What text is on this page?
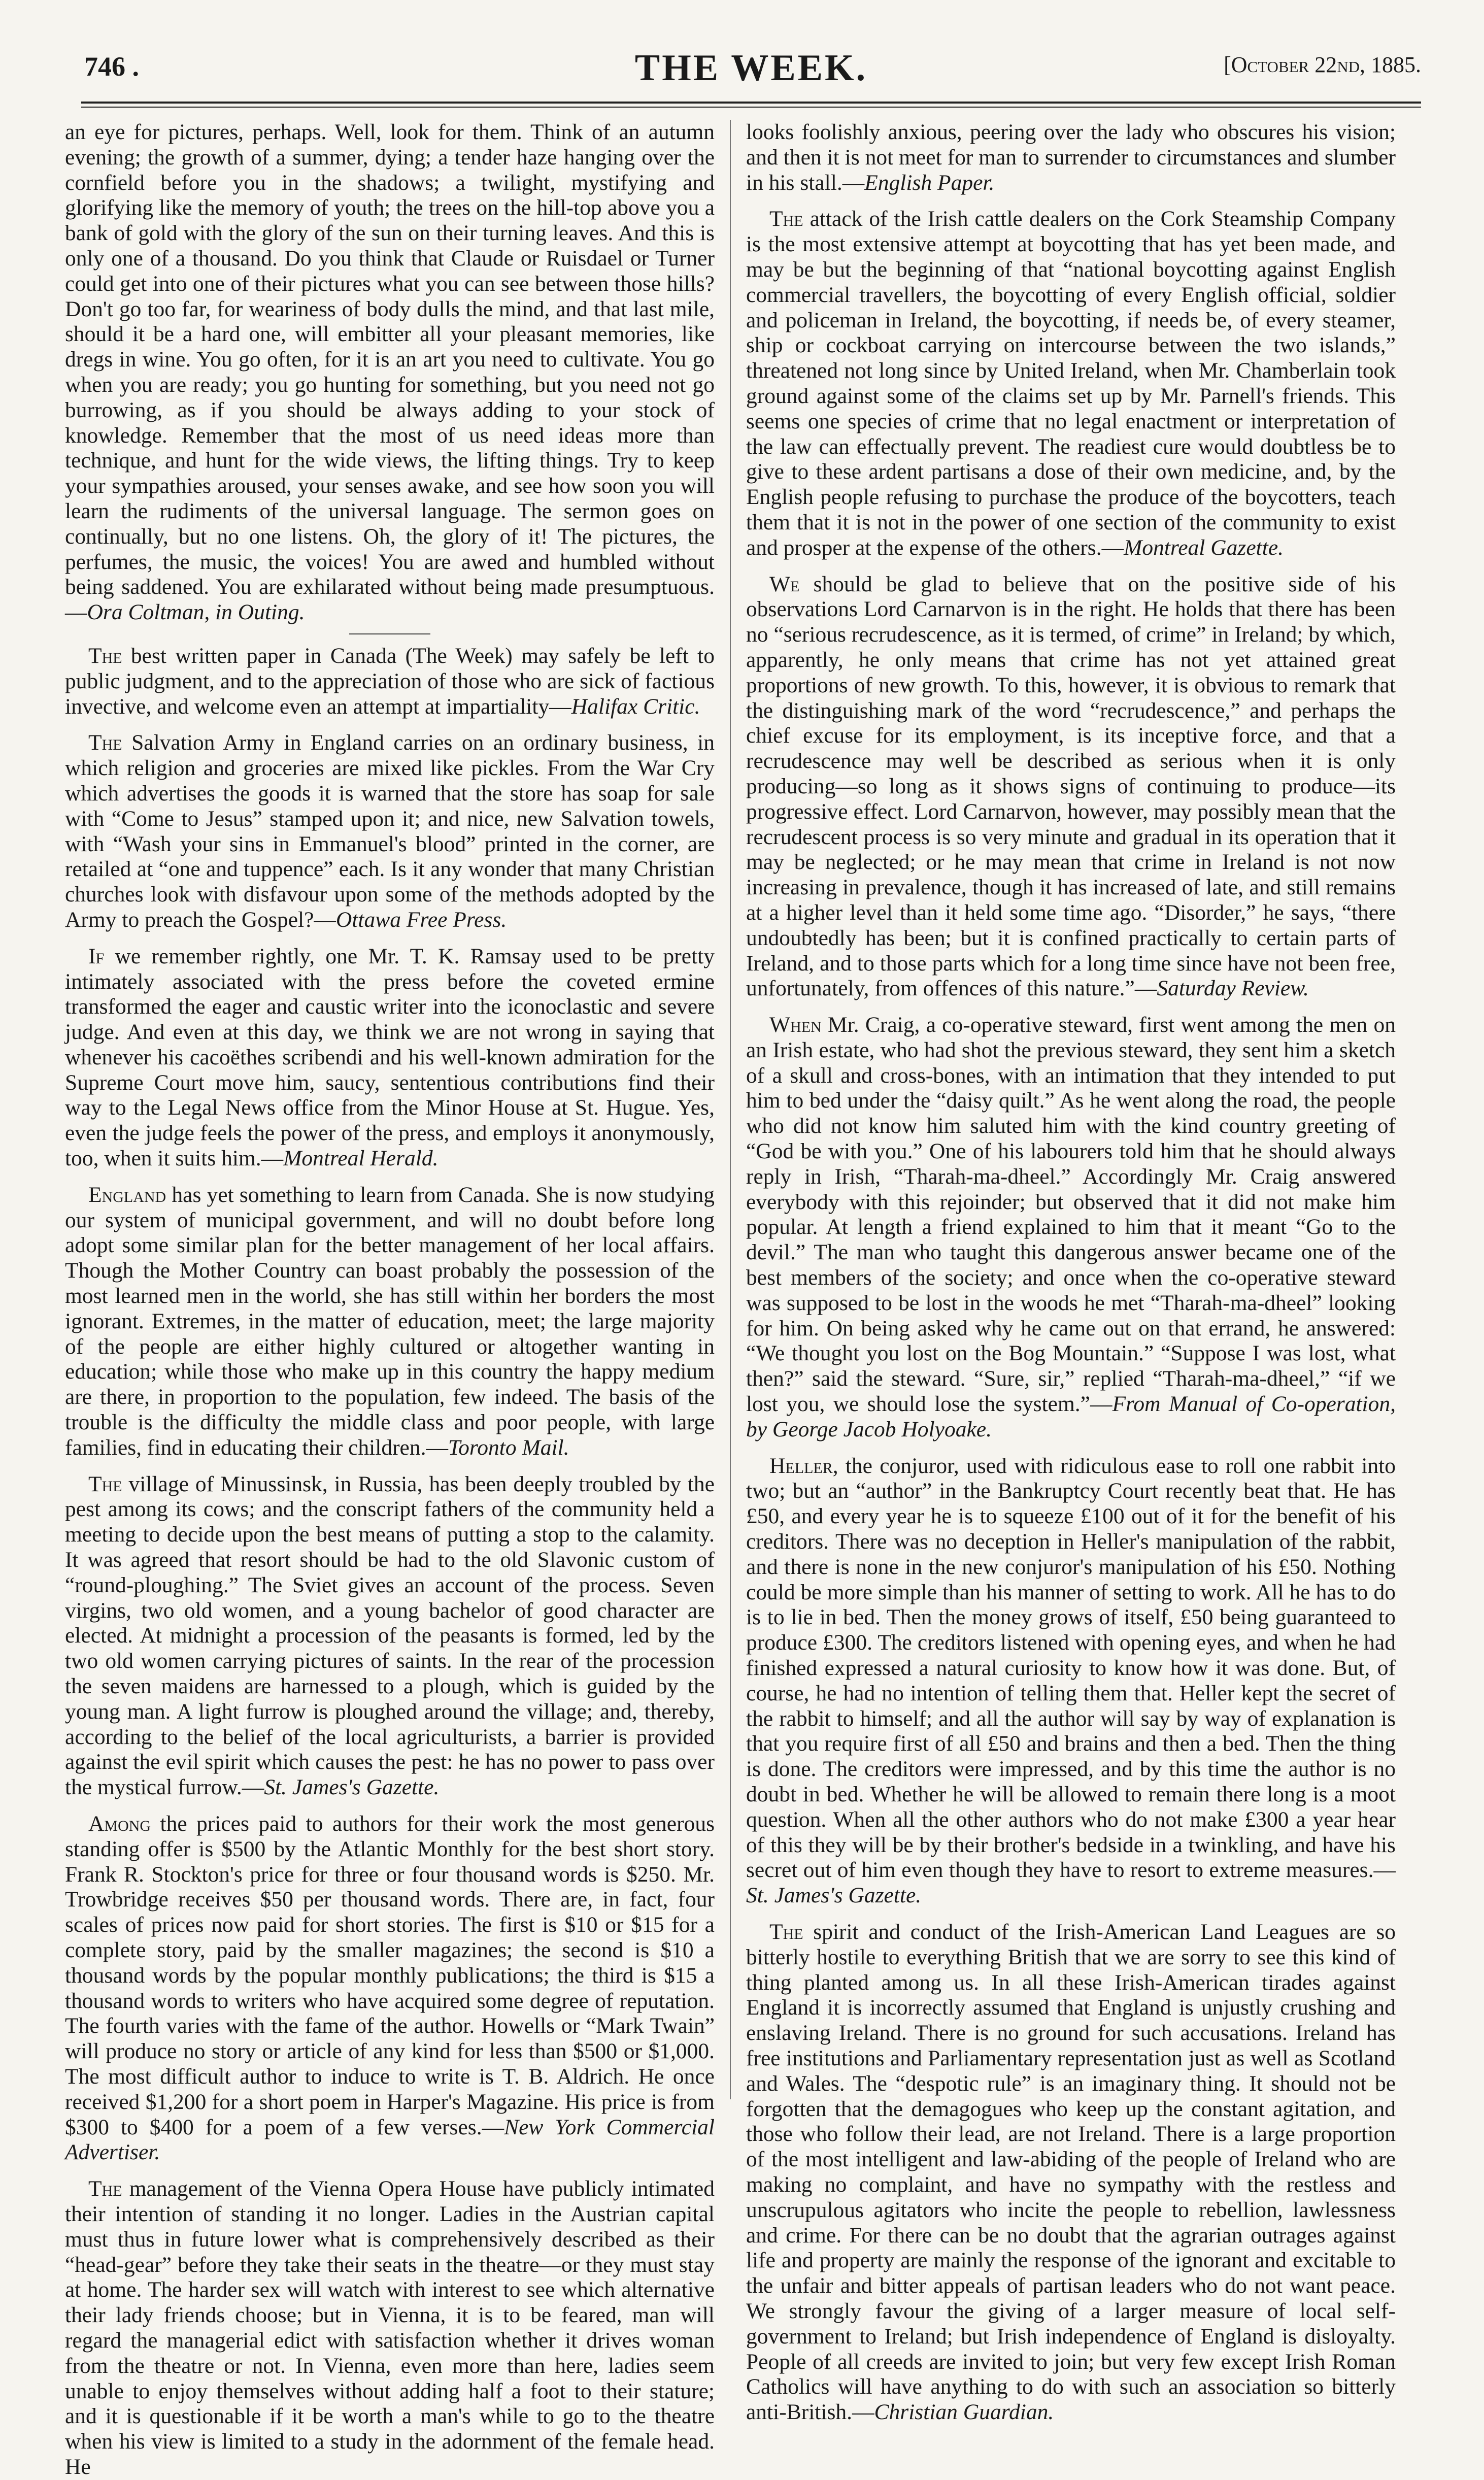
746 .	THE WEEK.	[October 22nd, 1885.

an eye for pictures, perhaps. Well, look for them. Think of an autumn evening; the growth of a summer, dying; a tender haze hanging over the cornfield before you in the shadows; a twilight, mystifying and glorifying like the memory of youth; the trees on the hill-top above you a bank of gold with the glory of the sun on their turning leaves. And this is only one of a thousand. Do you think that Claude or Ruisdael or Turner could get into one of their pictures what you can see between those hills? Don't go too far, for weariness of body dulls the mind, and that last mile, should it be a hard one, will embitter all your pleasant memories, like dregs in wine. You go often, for it is an art you need to cultivate. You go when you are ready; you go hunting for something, but you need not go burrowing, as if you should be always adding to your stock of knowledge. Remember that the most of us need ideas more than technique, and hunt for the wide views, the lifting things. Try to keep your sympathies aroused, your senses awake, and see how soon you will learn the rudiments of the universal language. The sermon goes on continually, but no one listens. Oh, the glory of it! The pictures, the perfumes, the music, the voices! You are awed and humbled without being saddened. You are exhilarated without being made presumptuous.—Ora Coltman, in Outing.

The best written paper in Canada (The Week) may safely be left to public judgment, and to the appreciation of those who are sick of factious invective, and welcome even an attempt at impartiality—Halifax Critic.

The Salvation Army in England carries on an ordinary business, in which religion and groceries are mixed like pickles. From the War Cry which advertises the goods it is warned that the store has soap for sale with “Come to Jesus” stamped upon it; and nice, new Salvation towels, with “Wash your sins in Emmanuel's blood” printed in the corner, are retailed at “one and tuppence” each. Is it any wonder that many Christian churches look with disfavour upon some of the methods adopted by the Army to preach the Gospel?—Ottawa Free Press.

If we remember rightly, one Mr. T. K. Ramsay used to be pretty intimately associated with the press before the coveted ermine transformed the eager and caustic writer into the iconoclastic and severe judge. And even at this day, we think we are not wrong in saying that whenever his cacoëthes scribendi and his well-known admiration for the Supreme Court move him, saucy, sententious contributions find their way to the Legal News office from the Minor House at St. Hugue. Yes, even the judge feels the power of the press, and employs it anonymously, too, when it suits him.—Montreal Herald.

England has yet something to learn from Canada. She is now studying our system of municipal government, and will no doubt before long adopt some similar plan for the better management of her local affairs. Though the Mother Country can boast probably the possession of the most learned men in the world, she has still within her borders the most ignorant. Extremes, in the matter of education, meet; the large majority of the people are either highly cultured or altogether wanting in education; while those who make up in this country the happy medium are there, in proportion to the population, few indeed. The basis of the trouble is the difficulty the middle class and poor people, with large families, find in educating their children.—Toronto Mail.

The village of Minussinsk, in Russia, has been deeply troubled by the pest among its cows; and the conscript fathers of the community held a meeting to decide upon the best means of putting a stop to the calamity. It was agreed that resort should be had to the old Slavonic custom of “round-ploughing.” The Sviet gives an account of the process. Seven virgins, two old women, and a young bachelor of good character are elected. At midnight a procession of the peasants is formed, led by the two old women carrying pictures of saints. In the rear of the procession the seven maidens are harnessed to a plough, which is guided by the young man. A light furrow is ploughed around the village; and, thereby, according to the belief of the local agriculturists, a barrier is provided against the evil spirit which causes the pest: he has no power to pass over the mystical furrow.—St. James's Gazette.

Among the prices paid to authors for their work the most generous standing offer is $500 by the Atlantic Monthly for the best short story. Frank R. Stockton's price for three or four thousand words is $250. Mr. Trowbridge receives $50 per thousand words. There are, in fact, four scales of prices now paid for short stories. The first is $10 or $15 for a complete story, paid by the smaller magazines; the second is $10 a thousand words by the popular monthly publications; the third is $15 a thousand words to writers who have acquired some degree of reputation. The fourth varies with the fame of the author. Howells or “Mark Twain” will produce no story or article of any kind for less than $500 or $1,000. The most difficult author to induce to write is T. B. Aldrich. He once received $1,200 for a short poem in Harper's Magazine. His price is from $300 to $400 for a poem of a few verses.—New York Commercial Advertiser.

The management of the Vienna Opera House have publicly intimated their intention of standing it no longer. Ladies in the Austrian capital must thus in future lower what is comprehensively described as their “head-gear” before they take their seats in the theatre—or they must stay at home. The harder sex will watch with interest to see which alternative their lady friends choose; but in Vienna, it is to be feared, man will regard the managerial edict with satisfaction whether it drives woman from the theatre or not. In Vienna, even more than here, ladies seem unable to enjoy themselves without adding half a foot to their stature; and it is questionable if it be worth a man's while to go to the theatre when his view is limited to a study in the adornment of the female head. He

looks foolishly anxious, peering over the lady who obscures his vision; and then it is not meet for man to surrender to circumstances and slumber in his stall.—English Paper.

The attack of the Irish cattle dealers on the Cork Steamship Company is the most extensive attempt at boycotting that has yet been made, and may be but the beginning of that “national boycotting against English commercial travellers, the boycotting of every English official, soldier and policeman in Ireland, the boycotting, if needs be, of every steamer, ship or cockboat carrying on intercourse between the two islands,” threatened not long since by United Ireland, when Mr. Chamberlain took ground against some of the claims set up by Mr. Parnell's friends. This seems one species of crime that no legal enactment or interpretation of the law can effectually prevent. The readiest cure would doubtless be to give to these ardent partisans a dose of their own medicine, and, by the English people refusing to purchase the produce of the boycotters, teach them that it is not in the power of one section of the community to exist and prosper at the expense of the others.—Montreal Gazette.

We should be glad to believe that on the positive side of his observations Lord Carnarvon is in the right. He holds that there has been no “serious recrudescence, as it is termed, of crime” in Ireland; by which, apparently, he only means that crime has not yet attained great proportions of new growth. To this, however, it is obvious to remark that the distinguishing mark of the word “recrudescence,” and perhaps the chief excuse for its employment, is its inceptive force, and that a recrudescence may well be described as serious when it is only producing—so long as it shows signs of continuing to produce—its progressive effect. Lord Carnarvon, however, may possibly mean that the recrudescent process is so very minute and gradual in its operation that it may be neglected; or he may mean that crime in Ireland is not now increasing in prevalence, though it has increased of late, and still remains at a higher level than it held some time ago. “Disorder,” he says, “there undoubtedly has been; but it is confined practically to certain parts of Ireland, and to those parts which for a long time since have not been free, unfortunately, from offences of this nature.”—Saturday Review.

When Mr. Craig, a co-operative steward, first went among the men on an Irish estate, who had shot the previous steward, they sent him a sketch of a skull and cross-bones, with an intimation that they intended to put him to bed under the “daisy quilt.” As he went along the road, the people who did not know him saluted him with the kind country greeting of “God be with you.” One of his labourers told him that he should always reply in Irish, “Tharah-ma-dheel.” Accordingly Mr. Craig answered everybody with this rejoinder; but observed that it did not make him popular. At length a friend explained to him that it meant “Go to the devil.” The man who taught this dangerous answer became one of the best members of the society; and once when the co-operative steward was supposed to be lost in the woods he met “Tharah-ma-dheel” looking for him. On being asked why he came out on that errand, he answered: “We thought you lost on the Bog Mountain.” “Suppose I was lost, what then?” said the steward. “Sure, sir,” replied “Tharah-ma-dheel,” “if we lost you, we should lose the system.”—From Manual of Co-operation, by George Jacob Holyoake.

Heller, the conjuror, used with ridiculous ease to roll one rabbit into two; but an “author” in the Bankruptcy Court recently beat that. He has £50, and every year he is to squeeze £100 out of it for the benefit of his creditors. There was no deception in Heller's manipulation of the rabbit, and there is none in the new conjuror's manipulation of his £50. Nothing could be more simple than his manner of setting to work. All he has to do is to lie in bed. Then the money grows of itself, £50 being guaranteed to produce £300. The creditors listened with opening eyes, and when he had finished expressed a natural curiosity to know how it was done. But, of course, he had no intention of telling them that. Heller kept the secret of the rabbit to himself; and all the author will say by way of explanation is that you require first of all £50 and brains and then a bed. Then the thing is done. The creditors were impressed, and by this time the author is no doubt in bed. Whether he will be allowed to remain there long is a moot question. When all the other authors who do not make £300 a year hear of this they will be by their brother's bedside in a twinkling, and have his secret out of him even though they have to resort to extreme measures.—St. James's Gazette.

The spirit and conduct of the Irish-American Land Leagues are so bitterly hostile to everything British that we are sorry to see this kind of thing planted among us. In all these Irish-American tirades against England it is incorrectly assumed that England is unjustly crushing and enslaving Ireland. There is no ground for such accusations. Ireland has free institutions and Parliamentary representation just as well as Scotland and Wales. The “despotic rule” is an imaginary thing. It should not be forgotten that the demagogues who keep up the constant agitation, and those who follow their lead, are not Ireland. There is a large proportion of the most intelligent and law-abiding of the people of Ireland who are making no complaint, and have no sympathy with the restless and unscrupulous agitators who incite the people to rebellion, lawlessness and crime. For there can be no doubt that the agrarian outrages against life and property are mainly the response of the ignorant and excitable to the unfair and bitter appeals of partisan leaders who do not want peace. We strongly favour the giving of a larger measure of local self-government to Ireland; but Irish independence of England is disloyalty. People of all creeds are invited to join; but very few except Irish Roman Catholics will have anything to do with such an association so bitterly anti-British.—Christian Guardian.
